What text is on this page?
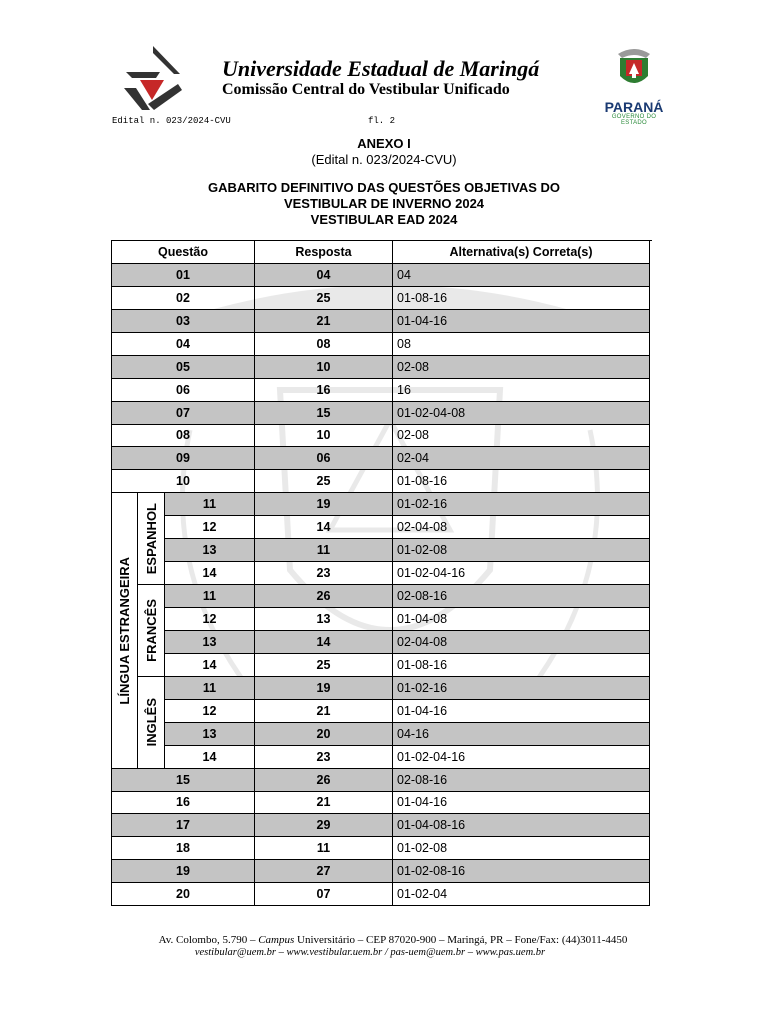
Universidade Estadual de Maringá
Comissão Central do Vestibular Unificado
PARANÁ
GOVERNO DO ESTADO
Edital n. 023/2024-CVU	fl. 2
ANEXO I
(Edital n. 023/2024-CVU)
GABARITO DEFINITIVO DAS QUESTÕES OBJETIVAS DO
VESTIBULAR DE INVERNO 2024
VESTIBULAR EAD 2024
Questão	Resposta	Alternativa(s) Correta(s)
LÍNGUA ESTRANGEIRA
ESPANHOL
FRANCÊS
INGLÊS
01	04	04
02	25	01-08-16
03	21	01-04-16
04	08	08
05	10	02-08
06	16	16
07	15	01-02-04-08
08	10	02-08
09	06	02-04
10	25	01-08-16
11	19	01-02-16
12	14	02-04-08
13	11	01-02-08
14	23	01-02-04-16
11	26	02-08-16
12	13	01-04-08
13	14	02-04-08
14	25	01-08-16
11	19	01-02-16
12	21	01-04-16
13	20	04-16
14	23	01-02-04-16
15	26	02-08-16
16	21	01-04-16
17	29	01-04-08-16
18	11	01-02-08
19	27	01-02-08-16
20	07	01-02-04
Av. Colombo, 5.790 – Campus Universitário – CEP 87020-900 – Maringá, PR – Fone/Fax: (44)3011-4450
vestibular@uem.br – www.vestibular.uem.br / pas-uem@uem.br – www.pas.uem.br
